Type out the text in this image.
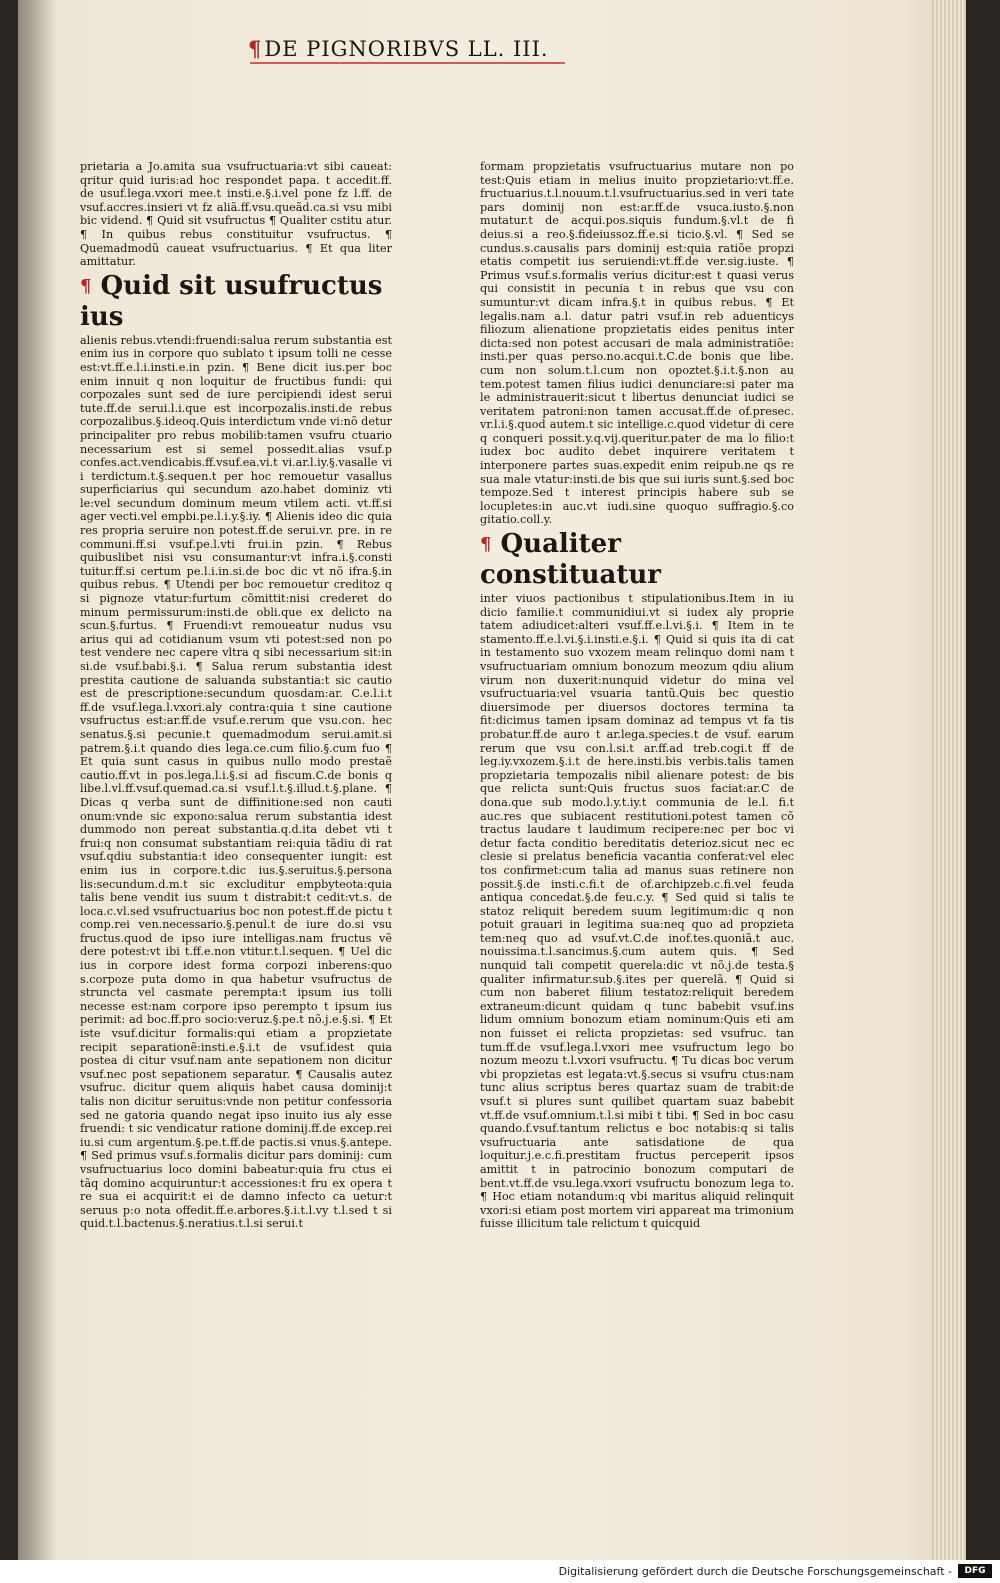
¶DE PIGNORIBVS LL. III.

prietaria a Jo.amita sua vsufructuaria:vt sibi caueat: qritur quid iuris:ad hoc respondet papa. t accedit.ff. de usuf.lega.vxori mee.t insti.e.§.i.vel pone fz l.ff. de vsuf.accres.insieri vt fz aliã.ff.vsu.queãd.ca.si vsu mibi bic vidend. ¶ Quid sit vsufructus ¶ Qualiter cstitu atur. ¶ In quibus rebus constituitur vsufructus. ¶ Quemadmodũ caueat vsufructuarius. ¶ Et qua liter amittatur.

¶ Quid sit usufructus ius

alienis rebus.vtendi:fruendi:salua rerum substantia est enim ius in corpore quo sublato t ipsum tolli ne cesse est:vt.ff.e.l.i.insti.e.in pzin. ¶ Bene dicit ius.per boc enim innuit q non loquitur de fructibus fundi: qui corpozales sunt sed de iure percipiendi idest serui tute.ff.de serui.l.i.que est incorpozalis.insti.de rebus corpozalibus.§.ideoq.Quis interdictum vnde vi:nõ detur principaliter pro rebus mobilib:tamen vsufru ctuario necessarium est si semel possedit.alias vsuf.p confes.act.vendicabis.ff.vsuf.ea.vi.t vi.ar.l.iy.§.vasalle vi i terdictum.t.§.sequen.t per hoc remouetur vasallus superficiarius qui secundum azo.habet dominiz vti le:vel secundum dominum meum vtilem acti. vt.ff.si ager vecti.vel empbi.pe.l.i.y.§.iy. ¶ Alienis ideo dic quia res propria seruire non potest.ff.de serui.vr. pre. in re communi.ff.si vsuf.pe.l.vti frui.in pzin. ¶ Rebus quibuslibet nisi vsu consumantur:vt infra.i.§.consti tuitur.ff.si certum pe.l.i.in.si.de boc dic vt nõ ifra.§.in quibus rebus. ¶ Utendi per boc remouetur creditoz q si pignoze vtatur:furtum cõmittit:nisi crederet do minum permissurum:insti.de obli.que ex delicto na scun.§.furtus. ¶ Fruendi:vt remoueatur nudus vsu arius qui ad cotidianum vsum vti potest:sed non po test vendere nec capere vltra q sibi necessarium sit:in si.de vsuf.babi.§.i. ¶ Salua rerum substantia idest prestita cautione de saluanda substantia:t sic cautio est de prescriptione:secundum quosdam:ar. C.e.l.i.t ff.de vsuf.lega.l.vxori.aly contra:quia t sine cautione vsufructus est:ar.ff.de vsuf.e.rerum que vsu.con. hec senatus.§.si pecunie.t quemadmodum serui.amit.si patrem.§.i.t quando dies lega.ce.cum filio.§.cum fuo ¶ Et quia sunt casus in quibus nullo modo prestaẽ cautio.ff.vt in pos.lega.l.i.§.si ad fiscum.C.de bonis q libe.l.vl.ff.vsuf.quemad.ca.si vsuf.l.t.§.illud.t.§.plane. ¶ Dicas q verba sunt de diffinitione:sed non cauti onum:vnde sic expono:salua rerum substantia idest dummodo non pereat substantia.q.d.ita debet vti t frui:q non consumat substantiam rei:quia tãdiu di rat vsuf.qdiu substantia:t ideo consequenter iungit: est enim ius in corpore.t.dic ius.§.seruitus.§.persona lis:secundum.d.m.t sic excluditur empbyteota:quia talis bene vendit ius suum t distrabit:t cedit:vt.s. de loca.c.vl.sed vsufructuarius boc non potest.ff.de pictu t comp.rei ven.necessario.§.penul.t de iure do.si vsu fructus.quod de ipso iure intelligas.nam fructus vẽ dere potest:vt ibi t.ff.e.non vtitur.t.l.sequen. ¶ Uel dic ius in corpore idest forma corpozi inberens:quo s.corpoze puta domo in qua habetur vsufructus de struncta vel casmate perempta:t ipsum ius tolli necesse est:nam corpore ipso perempto t ipsum ius perimit: ad boc.ff.pro socio:veruz.§.pe.t nõ.j.e.§.si. ¶ Et iste vsuf.dicitur formalis:qui etiam a propzietate recipit separationẽ:insti.e.§.i.t de vsuf.idest quia postea di citur vsuf.nam ante sepationem non dicitur vsuf.nec post sepationem separatur. ¶ Causalis autez vsufruc. dicitur quem aliquis habet causa dominij:t talis non dicitur seruitus:vnde non petitur confessoria sed ne gatoria quando negat ipso inuito ius aly esse fruendi: t sic vendicatur ratione dominij.ff.de excep.rei iu.si cum argentum.§.pe.t.ff.de pactis.si vnus.§.antepe. ¶ Sed primus vsuf.s.formalis dicitur pars dominij: cum vsufructuarius loco domini babeatur:quia fru ctus ei tãq domino acquiruntur:t accessiones:t fru ex opera t re sua ei acquirit:t ei de damno infecto ca uetur:t seruus p:o nota offedit.ff.e.arbores.§.i.t.l.vy t.l.sed t si quid.t.l.bactenus.§.neratius.t.l.si serui.t

formam propzietatis vsufructuarius mutare non po test:Quis etiam in melius inuito propzietario:vt.ff.e. fructuarius.t.l.nouum.t.l.vsufructuarius.sed in veri tate pars dominij non est:ar.ff.de vsuca.iusto.§.non mutatur.t de acqui.pos.siquis fundum.§.vl.t de fi deius.si a reo.§.fideiussoz.ff.e.si ticio.§.vl. ¶ Sed se cundus.s.causalis pars dominij est:quia ratiõe propzi etatis competit ius seruiendi:vt.ff.de ver.sig.iuste. ¶ Primus vsuf.s.formalis verius dicitur:est t quasi verus qui consistit in pecunia t in rebus que vsu con sumuntur:vt dicam infra.§.t in quibus rebus. ¶ Et legalis.nam a.l. datur patri vsuf.in reb aduenticys filiozum alienatione propzietatis eides penitus inter dicta:sed non potest accusari de mala administratiõe: insti.per quas perso.no.acqui.t.C.de bonis que libe. cum non solum.t.l.cum non opoztet.§.i.t.§.non au tem.potest tamen filius iudici denunciare:si pater ma le administrauerit:sicut t libertus denunciat iudici se veritatem patroni:non tamen accusat.ff.de of.presec. vr.l.i.§.quod autem.t sic intellige.c.quod videtur di cere q conqueri possit.y.q.vij.queritur.pater de ma lo filio:t iudex boc audito debet inquirere veritatem t interponere partes suas.expedit enim reipub.ne qs re sua male vtatur:insti.de bis que sui iuris sunt.§.sed boc tempoze.Sed t interest principis habere sub se locupletes:in auc.vt iudi.sine quoquo suffragio.§.co gitatio.coll.y.

¶ Qualiter constituatur

inter viuos pactionibus t stipulationibus.Item in iu dicio familie.t communidiui.vt si iudex aly proprie tatem adiudicet:alteri vsuf.ff.e.l.vi.§.i. ¶ Item in te stamento.ff.e.l.vi.§.i.insti.e.§.i. ¶ Quid si quis ita di cat in testamento suo vxozem meam relinquo domi nam t vsufructuariam omnium bonozum meozum qdiu alium virum non duxerit:nunquid videtur do mina vel vsufructuaria:vel vsuaria tantũ.Quis bec questio diuersimode per diuersos doctores termina ta fit:dicimus tamen ipsam dominaz ad tempus vt fa tis probatur.ff.de auro t ar.lega.species.t de vsuf. earum rerum que vsu con.l.si.t ar.ff.ad treb.cogi.t ff de leg.iy.vxozem.§.i.t de here.insti.bis verbis.talis tamen propzietaria tempozalis nibil alienare potest: de bis que relicta sunt:Quis fructus suos faciat:ar.C de dona.que sub modo.l.y.t.iy.t communia de le.l. fi.t auc.res que subiacent restitutioni.potest tamen cõ tractus laudare t laudimum recipere:nec per boc vi detur facta conditio bereditatis deterioz.sicut nec ec clesie si prelatus beneficia vacantia conferat:vel elec tos confirmet:cum talia ad manus suas retinere non possit.§.de insti.c.fi.t de of.archipzeb.c.fi.vel feuda antiqua concedat.§.de feu.c.y. ¶ Sed quid si talis te statoz reliquit beredem suum legitimum:dic q non potuit grauari in legitima sua:neq quo ad propzieta tem:neq quo ad vsuf.vt.C.de inof.tes.quoniã.t auc. nouissima.t.l.sancimus.§.cum autem quis. ¶ Sed nunquid tali competit querela:dic vt nõ.j.de testa.§ qualiter infirmatur.sub.§.ites per querelã. ¶ Quid si cum non baberet filium testatoz:reliquit beredem extraneum:dicunt quidam q tunc babebit vsuf.ins lidum omnium bonozum etiam nominum:Quis eti am non fuisset ei relicta propzietas: sed vsufruc. tan tum.ff.de vsuf.lega.l.vxori mee vsufructum lego bo nozum meozu t.l.vxori vsufructu. ¶ Tu dicas boc verum vbi propzietas est legata:vt.§.secus si vsufru ctus:nam tunc alius scriptus beres quartaz suam de trabit:de vsuf.t si plures sunt quilibet quartam suaz babebit vt.ff.de vsuf.omnium.t.l.si mibi t tibi. ¶ Sed in boc casu quando.f.vsuf.tantum relictus e boc notabis:q si talis vsufructuaria ante satisdatione de qua loquitur.j.e.c.fi.prestitam fructus perceperit ipsos amittit t in patrocinio bonozum computari de bent.vt.ff.de vsu.lega.vxori vsufructu bonozum lega to. ¶ Hoc etiam notandum:q vbi maritus aliquid relinquit vxori:si etiam post mortem viri appareat ma trimonium fuisse illicitum tale relictum t quicquid

Digitalisierung gefördert durch die Deutsche Forschungsgemeinschaft -	DFG
